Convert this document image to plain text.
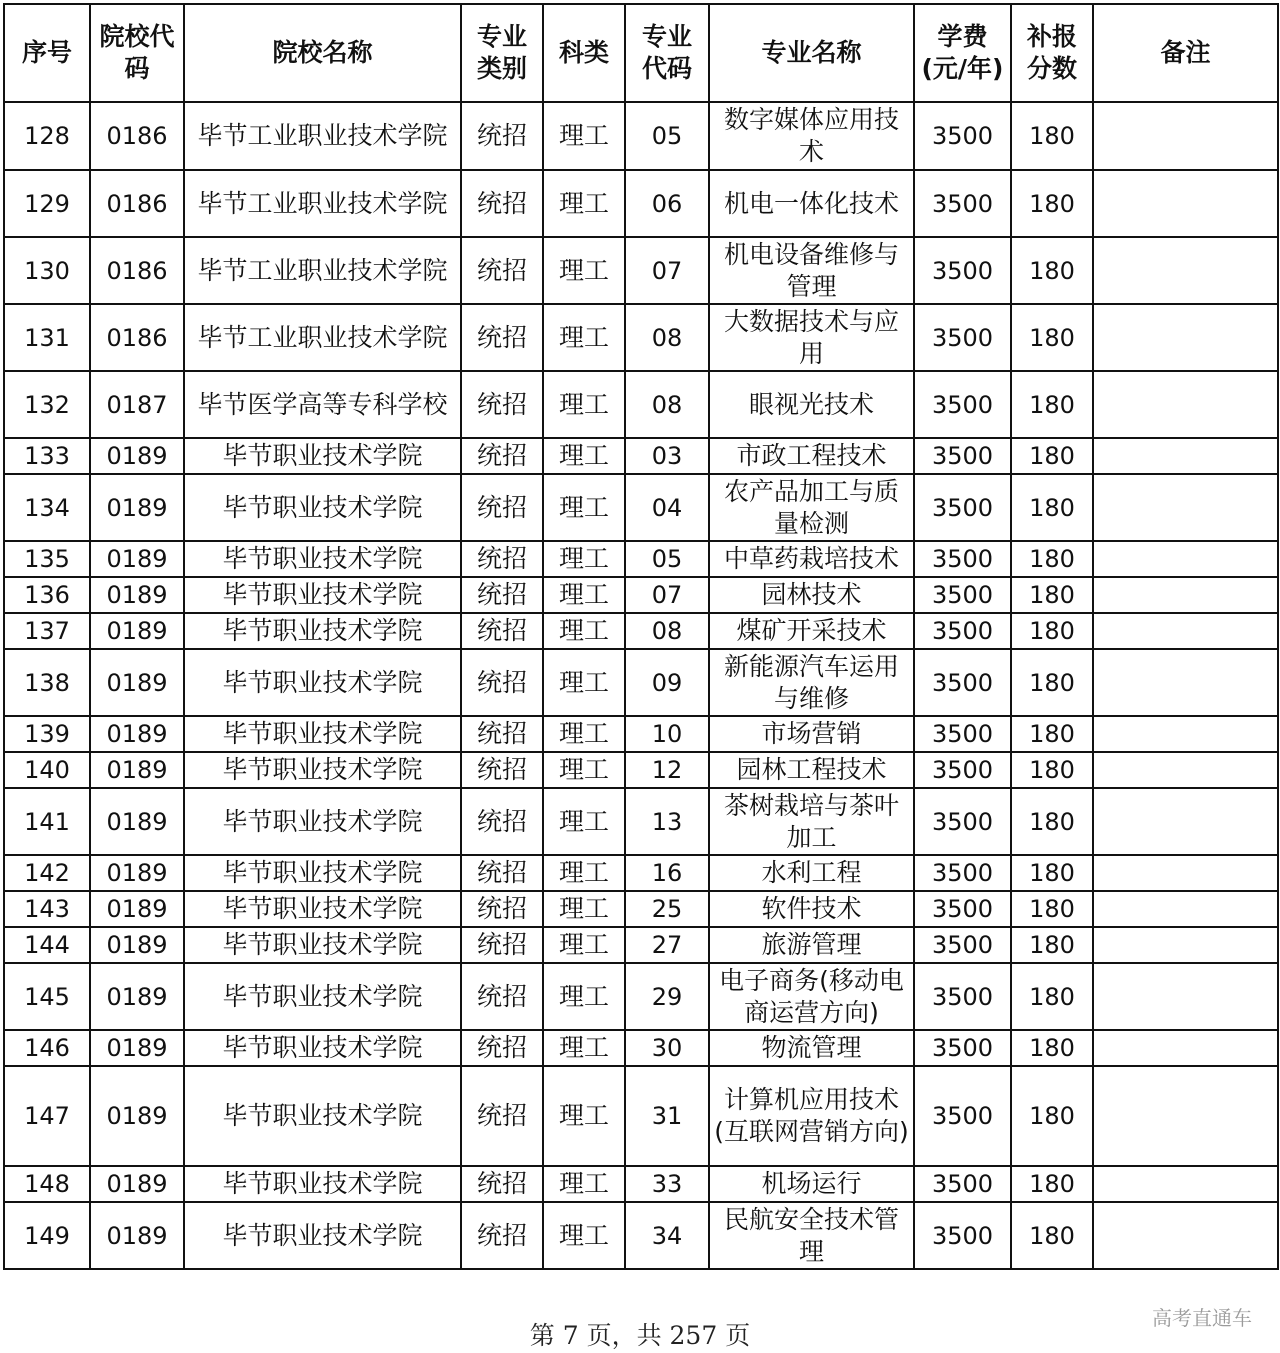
序号	院校代码	院校名称	专业类别	科类	专业代码	专业名称	学费(元/年)	补报分数	备注
128	0186	毕节工业职业技术学院	统招	理工	05	数字媒体应用技术	3500	180	
129	0186	毕节工业职业技术学院	统招	理工	06	机电一体化技术	3500	180	
130	0186	毕节工业职业技术学院	统招	理工	07	机电设备维修与管理	3500	180	
131	0186	毕节工业职业技术学院	统招	理工	08	大数据技术与应用	3500	180	
132	0187	毕节医学高等专科学校	统招	理工	08	眼视光技术	3500	180	
133	0189	毕节职业技术学院	统招	理工	03	市政工程技术	3500	180	
134	0189	毕节职业技术学院	统招	理工	04	农产品加工与质量检测	3500	180	
135	0189	毕节职业技术学院	统招	理工	05	中草药栽培技术	3500	180	
136	0189	毕节职业技术学院	统招	理工	07	园林技术	3500	180	
137	0189	毕节职业技术学院	统招	理工	08	煤矿开采技术	3500	180	
138	0189	毕节职业技术学院	统招	理工	09	新能源汽车运用与维修	3500	180	
139	0189	毕节职业技术学院	统招	理工	10	市场营销	3500	180	
140	0189	毕节职业技术学院	统招	理工	12	园林工程技术	3500	180	
141	0189	毕节职业技术学院	统招	理工	13	茶树栽培与茶叶加工	3500	180	
142	0189	毕节职业技术学院	统招	理工	16	水利工程	3500	180	
143	0189	毕节职业技术学院	统招	理工	25	软件技术	3500	180	
144	0189	毕节职业技术学院	统招	理工	27	旅游管理	3500	180	
145	0189	毕节职业技术学院	统招	理工	29	电子商务(移动电商运营方向)	3500	180	
146	0189	毕节职业技术学院	统招	理工	30	物流管理	3500	180	
147	0189	毕节职业技术学院	统招	理工	31	计算机应用技术(互联网营销方向)	3500	180	
148	0189	毕节职业技术学院	统招	理工	33	机场运行	3500	180	
149	0189	毕节职业技术学院	统招	理工	34	民航安全技术管理	3500	180	
第 7 页，共 257 页
高考直通车
